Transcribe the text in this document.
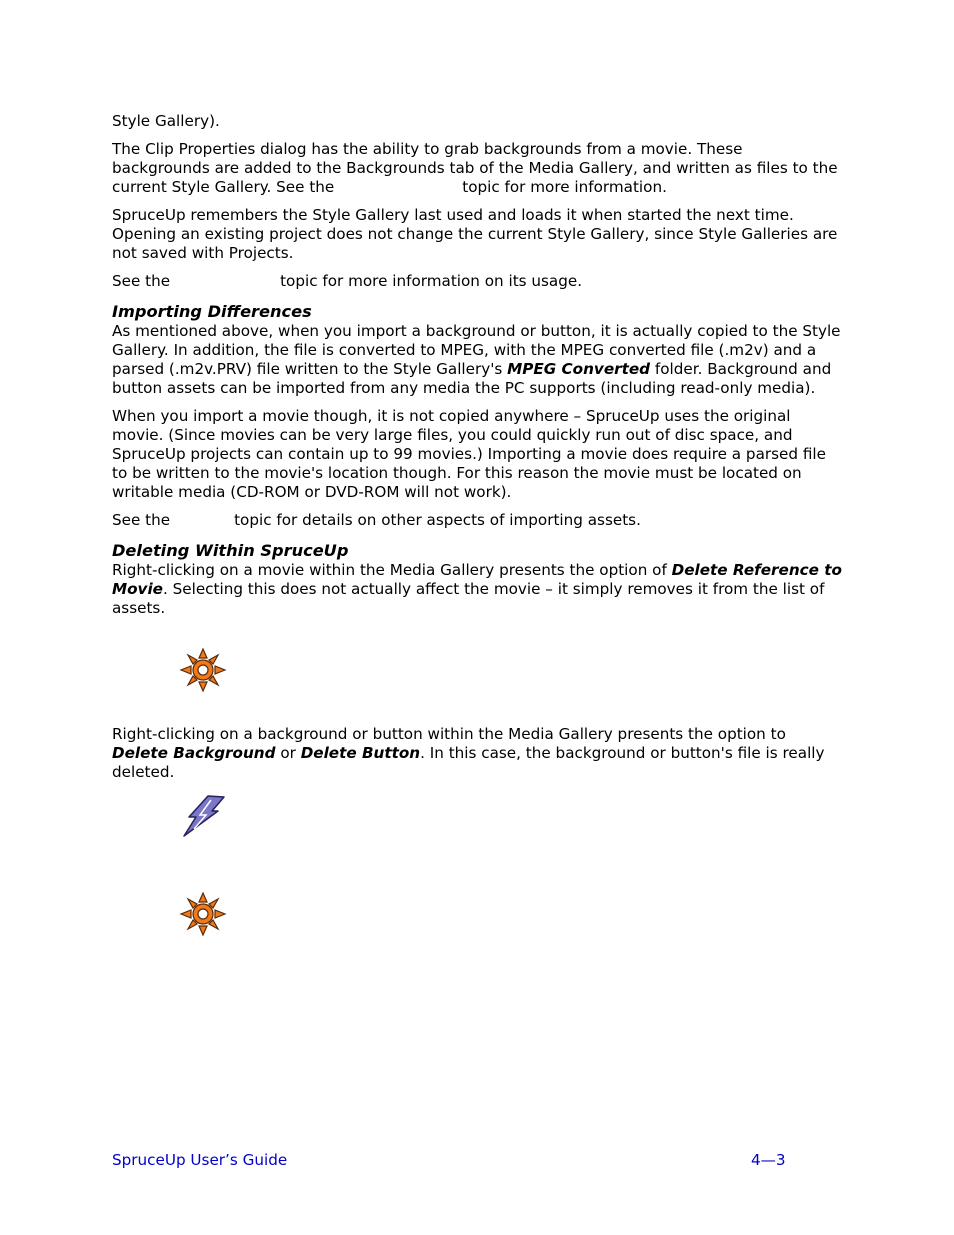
Style Gallery).

The Clip Properties dialog has the ability to grab backgrounds from a movie. These backgrounds are added to the Backgrounds tab of the Media Gallery, and written as files to the current Style Gallery. See the	topic for more information.

SpruceUp remembers the Style Gallery last used and loads it when started the next time. Opening an existing project does not change the current Style Gallery, since Style Galleries are not saved with Projects.

See the	topic for more information on its usage.

Importing Differences

As mentioned above, when you import a background or button, it is actually copied to the Style Gallery. In addition, the file is converted to MPEG, with the MPEG converted file (.m2v) and a parsed (.m2v.PRV) file written to the Style Gallery's MPEG Converted folder. Background and button assets can be imported from any media the PC supports (including read-only media).

When you import a movie though, it is not copied anywhere – SpruceUp uses the original movie. (Since movies can be very large files, you could quickly run out of disc space, and SpruceUp projects can contain up to 99 movies.) Importing a movie does require a parsed file to be written to the movie's location though. For this reason the movie must be located on writable media (CD-ROM or DVD-ROM will not work).

See the	topic for details on other aspects of importing assets.

Deleting Within SpruceUp

Right-clicking on a movie within the Media Gallery presents the option of Delete Reference to Movie. Selecting this does not actually affect the movie – it simply removes it from the list of assets.

Right-clicking on a background or button within the Media Gallery presents the option to
Delete Background or Delete Button. In this case, the background or button's file is really deleted.

SpruceUp User’s Guide	4—3
